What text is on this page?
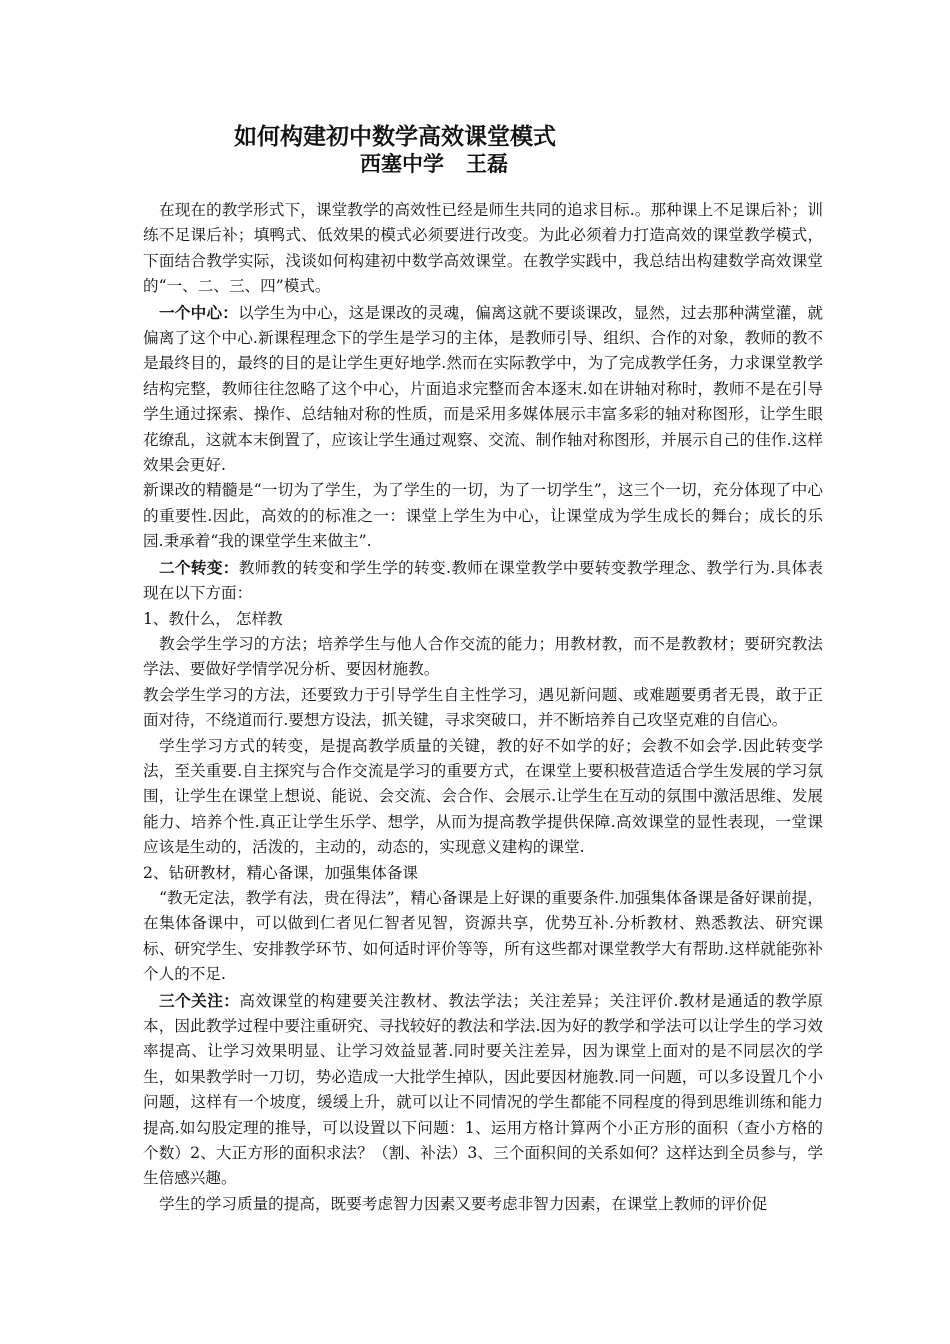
如何构建初中数学高效课堂模式
西塞中学 王磊

在现在的教学形式下，课堂教学的高效性已经是师生共同的追求目标.。那种课上不足课后补；训练不足课后补；填鸭式、低效果的模式必须要进行改变。为此必须着力打造高效的课堂教学模式，下面结合教学实际，浅谈如何构建初中数学高效课堂。在教学实践中，我总结出构建数学高效课堂的“一、二、三、四”模式。

一个中心：以学生为中心，这是课改的灵魂，偏离这就不要谈课改，显然，过去那种满堂灌，就偏离了这个中心.新课程理念下的学生是学习的主体，是教师引导、组织、合作的对象，教师的教不是最终目的，最终的目的是让学生更好地学.然而在实际教学中，为了完成教学任务，力求课堂教学结构完整，教师往往忽略了这个中心，片面追求完整而舍本逐末.如在讲轴对称时，教师不是在引导学生通过探索、操作、总结轴对称的性质，而是采用多媒体展示丰富多彩的轴对称图形，让学生眼花缭乱，这就本末倒置了，应该让学生通过观察、交流、制作轴对称图形，并展示自己的佳作.这样效果会更好.

新课改的精髓是“一切为了学生，为了学生的一切，为了一切学生”，这三个一切，充分体现了中心的重要性.因此，高效的的标准之一：课堂上学生为中心，让课堂成为学生成长的舞台；成长的乐园.秉承着“我的课堂学生来做主”.

二个转变：教师教的转变和学生学的转变.教师在课堂教学中要转变教学理念、教学行为.具体表现在以下方面：

1、教什么， 怎样教

教会学生学习的方法；培养学生与他人合作交流的能力；用教材教，而不是教教材；要研究教法学法、要做好学情学况分析、要因材施教。

教会学生学习的方法，还要致力于引导学生自主性学习，遇见新问题、或难题要勇者无畏，敢于正面对待，不绕道而行.要想方设法，抓关键，寻求突破口，并不断培养自己攻坚克难的自信心。

学生学习方式的转变，是提高教学质量的关键，教的好不如学的好；会教不如会学.因此转变学法，至关重要.自主探究与合作交流是学习的重要方式，在课堂上要积极营造适合学生发展的学习氛围，让学生在课堂上想说、能说、会交流、会合作、会展示.让学生在互动的氛围中激活思维、发展能力、培养个性.真正让学生乐学、想学，从而为提高教学提供保障.高效课堂的显性表现，一堂课应该是生动的，活泼的，主动的，动态的，实现意义建构的课堂.

2、钻研教材，精心备课，加强集体备课

“教无定法，教学有法，贵在得法”，精心备课是上好课的重要条件.加强集体备课是备好课前提，在集体备课中，可以做到仁者见仁智者见智，资源共享，优势互补.分析教材、熟悉教法、研究课标、研究学生、安排教学环节、如何适时评价等等，所有这些都对课堂教学大有帮助.这样就能弥补个人的不足.

三个关注：高效课堂的构建要关注教材、教法学法；关注差异；关注评价.教材是通适的教学原本，因此教学过程中要注重研究、寻找较好的教法和学法.因为好的教学和学法可以让学生的学习效率提高、让学习效果明显、让学习效益显著.同时要关注差异，因为课堂上面对的是不同层次的学生，如果教学时一刀切，势必造成一大批学生掉队，因此要因材施教.同一问题，可以多设置几个小问题，这样有一个坡度，缓缓上升，就可以让不同情况的学生都能不同程度的得到思维训练和能力提高.如勾股定理的推导，可以设置以下问题：1、运用方格计算两个小正方形的面积（查小方格的个数）2、大正方形的面积求法？（割、补法）3、三个面积间的关系如何？这样达到全员参与，学生倍感兴趣。

学生的学习质量的提高，既要考虑智力因素又要考虑非智力因素，在课堂上教师的评价促
